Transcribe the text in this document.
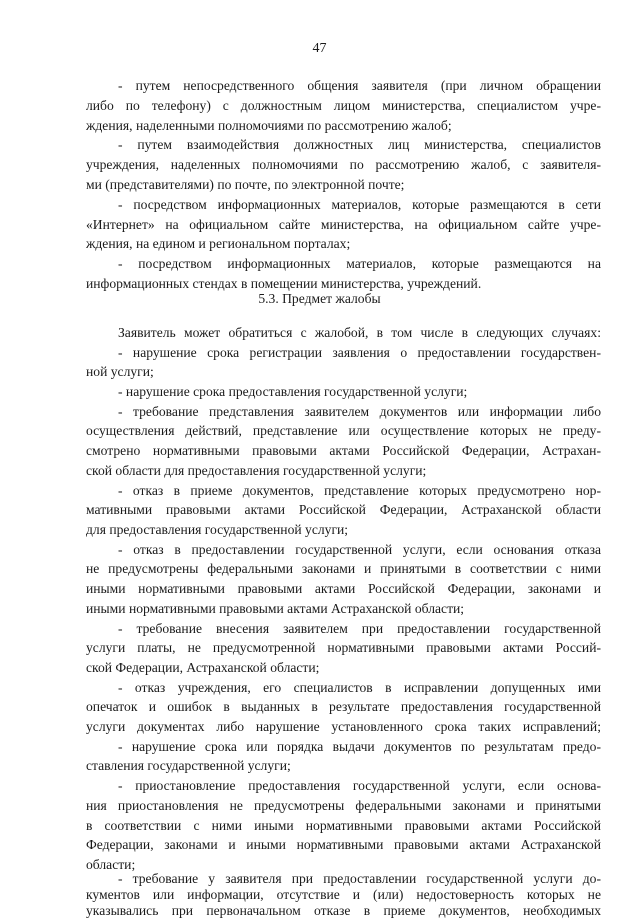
47
- путем непосредственного общения заявителя (при личном обращении
либо по телефону) с должностным лицом министерства, специалистом учре-
ждения, наделенными полномочиями по рассмотрению жалоб;
- путем взаимодействия должностных лиц министерства, специалистов
учреждения, наделенных полномочиями по рассмотрению жалоб, с заявителя-
ми (представителями) по почте, по электронной почте;
- посредством информационных материалов, которые размещаются в сети
«Интернет» на официальном сайте министерства, на официальном сайте учре-
ждения, на едином и региональном порталах;
- посредством информационных материалов, которые размещаются на
информационных стендах в помещении министерства, учреждений.
5.3. Предмет жалобы
Заявитель может обратиться с жалобой, в том числе в следующих случаях:
- нарушение срока регистрации заявления о предоставлении государствен-
ной услуги;
- нарушение срока предоставления государственной услуги;
- требование представления заявителем документов или информации либо
осуществления действий, представление или осуществление которых не преду-
смотрено нормативными правовыми актами Российской Федерации, Астрахан-
ской области для предоставления государственной услуги;
- отказ в приеме документов, представление которых предусмотрено нор-
мативными правовыми актами Российской Федерации, Астраханской области
для предоставления государственной услуги;
- отказ в предоставлении государственной услуги, если основания отказа
не предусмотрены федеральными законами и принятыми в соответствии с ними
иными нормативными правовыми актами Российской Федерации, законами и
иными нормативными правовыми актами Астраханской области;
- требование внесения заявителем при предоставлении государственной
услуги платы, не предусмотренной нормативными правовыми актами Россий-
ской Федерации, Астраханской области;
- отказ учреждения, его специалистов в исправлении допущенных ими
опечаток и ошибок в выданных в результате предоставления государственной
услуги документах либо нарушение установленного срока таких исправлений;
- нарушение срока или порядка выдачи документов по результатам предо-
ставления государственной услуги;
- приостановление предоставления государственной услуги, если основа-
ния приостановления не предусмотрены федеральными законами и принятыми
в соответствии с ними иными нормативными правовыми актами Российской
Федерации, законами и иными нормативными правовыми актами Астраханской
области;
- требование у заявителя при предоставлении государственной услуги до-
кументов или информации, отсутствие и (или) недостоверность которых не
указывались при первоначальном отказе в приеме документов, необходимых
